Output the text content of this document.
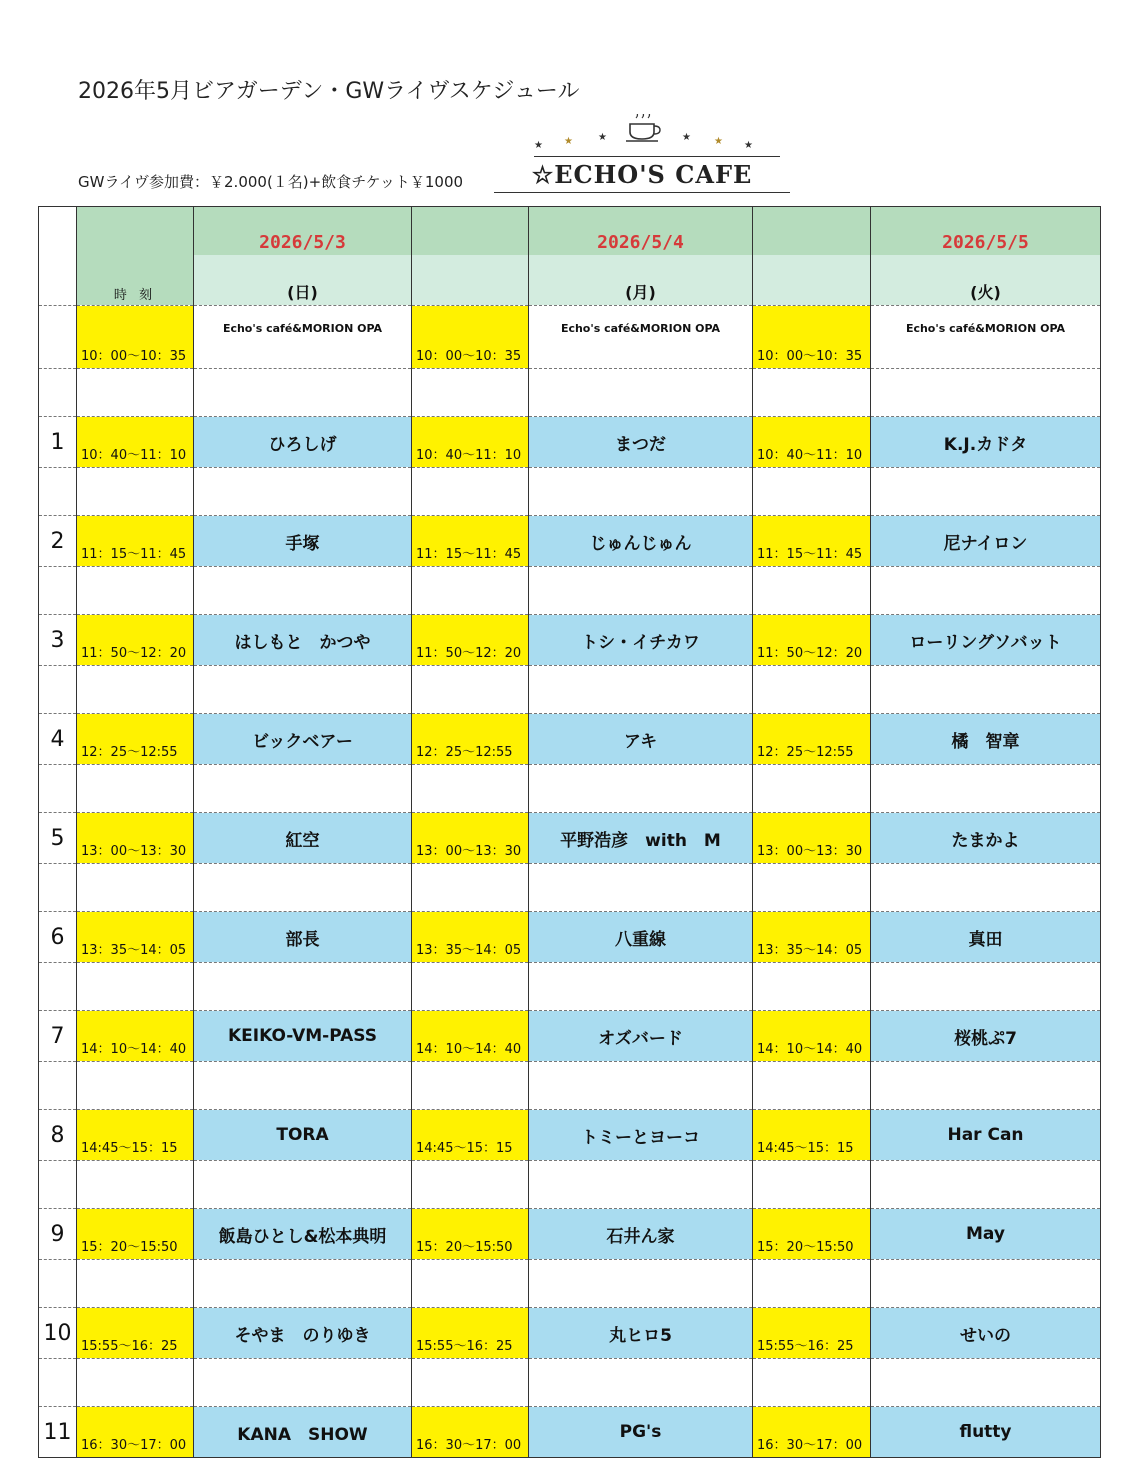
2026年5月ビアガーデン・GWライヴスケジュール
GWライヴ参加費：￥2.000(１名)+飲食チケット￥1000
★	★	★ ★
★	★
☆ECHO'S CAFE
	時 刻	2026/5/3		2026/5/4		2026/5/5
		(日)		(月)		(火)
	10：00～10：35	Echo's café&MORION OPA	10：00～10：35	Echo's café&MORION OPA	10：00～10：35	Echo's café&MORION OPA

1	10：40～11：10	ひろしげ	10：40～11：10	まつだ	10：40～11：10	K.J.カドタ

2	11：15～11：45	手塚	11：15～11：45	じゅんじゅん	11：15～11：45	尼ナイロン

3	11：50～12：20	はしもと　かつや	11：50～12：20	トシ・イチカワ	11：50～12：20	ローリングソバット

4	12：25～12:55	ビックベアー	12：25～12:55	アキ	12：25～12:55	橘　智章

5	13：00～13：30	紅空	13：00～13：30	平野浩彦　with　M	13：00～13：30	たまかよ

6	13：35～14：05	部長	13：35～14：05	八重線	13：35～14：05	真田

7	14：10～14：40	KEIKO-VM-PASS	14：10～14：40	オズバード	14：10～14：40	桜桃ぷ7

8	14:45～15：15	TORA	14:45～15：15	トミーとヨーコ	14:45～15：15	Har Can

9	15：20～15:50	飯島ひとし&松本典明	15：20～15:50	石井ん家	15：20～15:50	May

10	15:55～16：25	そやま　のりゆき	15:55～16：25	丸ヒロ5	15:55～16：25	せいの

11	16：30～17：00	KANA　SHOW	16：30～17：00	PG's	16：30～17：00	flutty
